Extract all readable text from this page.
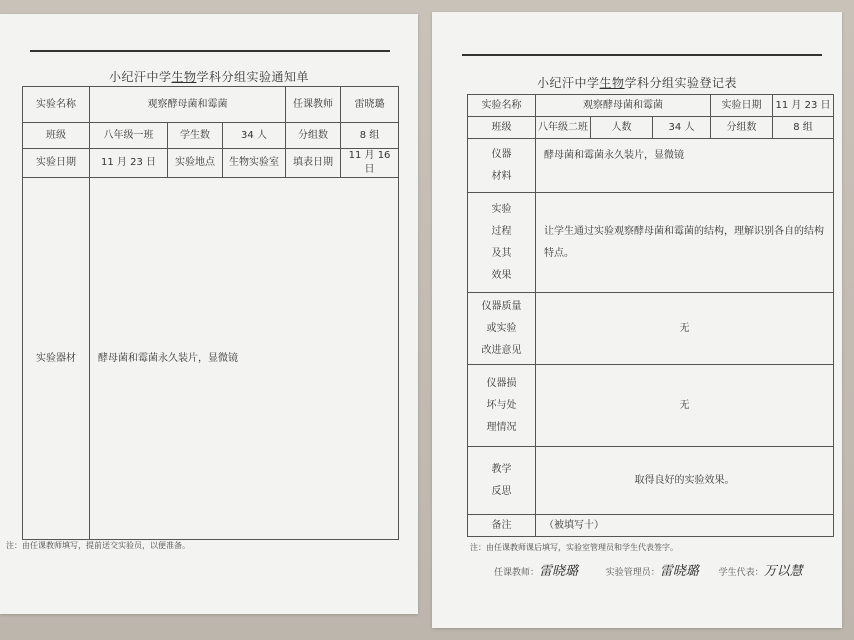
小纪汗中学生物学科分组实验通知单
实验名称	观察酵母菌和霉菌			任课教师	雷晓璐
班级	八年级一班	学生数	34 人	分组数	8 组
实验日期	11 月 23 日	实验地点	生物实验室	填表日期	11 月 16 日
实验器材	酵母菌和霉菌永久装片，显微镜				
注：由任课教师填写，提前送交实验员，以便准备。
小纪汗中学生物学科分组实验登记表
实验名称	观察酵母菌和霉菌			实验日期	11 月 23 日
班级	八年级二班	人数	34 人	分组数	8 组
仪器
材料	酵母菌和霉菌永久装片，显微镜				
实验
过程
及其
效果	让学生通过实验观察酵母菌和霉菌的结构，理解识别各自的结构特点。				
仪器质量
或实验
改进意见	无				
仪器损
坏与处
理情况	无				
教学
反思	取得良好的实验效果。				
备注	（被填写十）				
注：由任课教师课后填写，实验室管理员和学生代表签字。
任课教师：雷晓璐	实验管理员：雷晓璐 学生代表：万以慧
